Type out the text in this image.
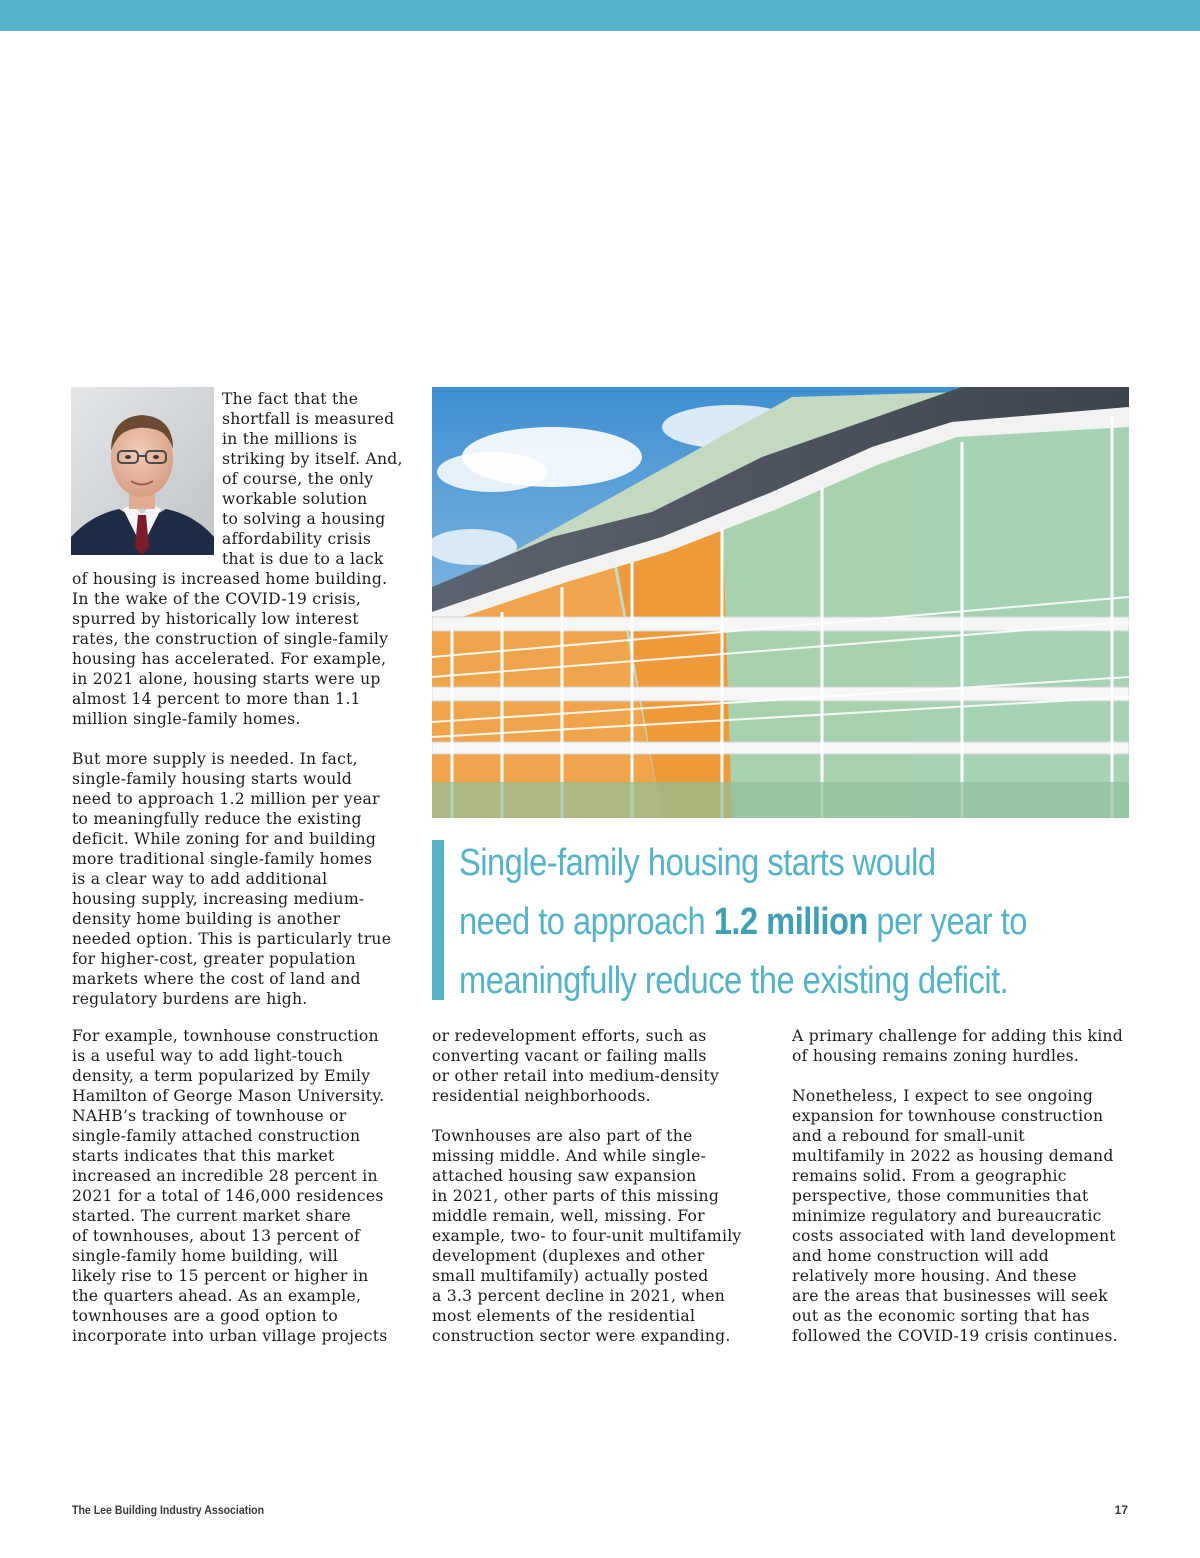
The fact that the
shortfall is measured
in the millions is
striking by itself. And,
of course, the only
workable solution
to solving a housing
affordability crisis
that is due to a lack

of housing is increased home building.
In the wake of the COVID-19 crisis,
spurred by historically low interest
rates, the construction of single-family
housing has accelerated. For example,
in 2021 alone, housing starts were up
almost 14 percent to more than 1.1
million single-family homes.

But more supply is needed. In fact,
single-family housing starts would
need to approach 1.2 million per year
to meaningfully reduce the existing
deficit. While zoning for and building
more traditional single-family homes
is a clear way to add additional
housing supply, increasing medium-
density home building is another
needed option. This is particularly true
for higher-cost, greater population
markets where the cost of land and
regulatory burdens are high.

For example, townhouse construction
is a useful way to add light-touch
density, a term popularized by Emily
Hamilton of George Mason University.
NAHB’s tracking of townhouse or
single-family attached construction
starts indicates that this market
increased an incredible 28 percent in
2021 for a total of 146,000 residences
started. The current market share
of townhouses, about 13 percent of
single-family home building, will
likely rise to 15 percent or higher in
the quarters ahead. As an example,
townhouses are a good option to
incorporate into urban village projects

Single-family housing starts would
need to approach 1.2 million per year to
meaningfully reduce the existing deficit.

or redevelopment efforts, such as
converting vacant or failing malls
or other retail into medium-density
residential neighborhoods.

Townhouses are also part of the
missing middle. And while single-
attached housing saw expansion
in 2021, other parts of this missing
middle remain, well, missing. For
example, two- to four-unit multifamily
development (duplexes and other
small multifamily) actually posted
a 3.3 percent decline in 2021, when
most elements of the residential
construction sector were expanding.

A primary challenge for adding this kind
of housing remains zoning hurdles.

Nonetheless, I expect to see ongoing
expansion for townhouse construction
and a rebound for small-unit
multifamily in 2022 as housing demand
remains solid. From a geographic
perspective, those communities that
minimize regulatory and bureaucratic
costs associated with land development
and home construction will add
relatively more housing. And these
are the areas that businesses will seek
out as the economic sorting that has
followed the COVID-19 crisis continues.

The Lee Building Industry Association	17
